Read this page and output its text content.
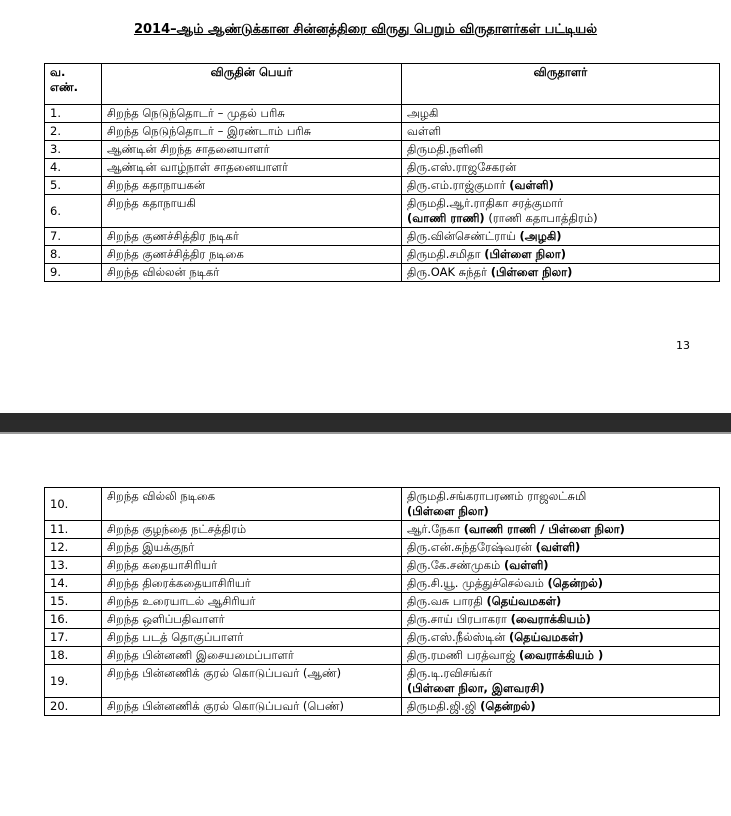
2014–ஆம் ஆண்டுக்கான சின்னத்திரை விருது பெறும் விருதாளர்கள் பட்டியல்
வ. எண்.	விருதின் பெயர்	விருதாளர்
1.	சிறந்த நெடுந்தொடர் – முதல் பரிசு	அழகி
2.	சிறந்த நெடுந்தொடர் – இரண்டாம் பரிசு	வள்ளி
3.	ஆண்டின் சிறந்த சாதனையாளர்	திருமதி.நளினி
4.	ஆண்டின் வாழ்நாள் சாதனையாளர்	திரு.எஸ்.ராஜசேகரன்
5.	சிறந்த கதாநாயகன்	திரு.எம்.ராஜ்குமார் (வள்ளி)
6.	சிறந்த கதாநாயகி	திருமதி.ஆர்.ராதிகா சரத்குமார்
(வாணி ராணி) (ராணி கதாபாத்திரம்)
7.	சிறந்த குணச்சித்திர நடிகர்	திரு.வின்செண்ட்ராய் (அழகி)
8.	சிறந்த குணச்சித்திர நடிகை	திருமதி.சமிதா (பிள்ளை நிலா)
9.	சிறந்த வில்லன் நடிகர்	திரு.OAK சுந்தர் (பிள்ளை நிலா)
13
10.	சிறந்த வில்லி நடிகை	திருமதி.சங்கராபரணம் ராஜலட்சுமி
(பிள்ளை நிலா)
11.	சிறந்த குழந்தை நட்சத்திரம்	ஆர்.நேகா (வாணி ராணி / பிள்ளை நிலா)
12.	சிறந்த இயக்குநர்	திரு.என்.சுந்தரேஷ்வரன் (வள்ளி)
13.	சிறந்த கதையாசிரியர்	திரு.கே.சண்முகம் (வள்ளி)
14.	சிறந்த திரைக்கதையாசிரியர்	திரு.சி.யூ. முத்துச்செல்வம் (தென்றல்)
15.	சிறந்த உரையாடல் ஆசிரியர்	திரு.வசு பாரதி (தெய்வமகள்)
16.	சிறந்த ஒளிப்பதிவாளர்	திரு.சாய் பிரபாகரா (வைராக்கியம்)
17.	சிறந்த படத் தொகுப்பாளர்	திரு.எஸ்.நீல்ஸ்டின் (தெய்வமகள்)
18.	சிறந்த பின்னணி இசையமைப்பாளர்	திரு.ரமணி பரத்வாஜ் (வைராக்கியம் )
19.	சிறந்த பின்னணிக் குரல் கொடுப்பவர் (ஆண்)	திரு.டி.ரவிசங்கர்
(பிள்ளை நிலா, இளவரசி)
20.	சிறந்த பின்னணிக் குரல் கொடுப்பவர் (பெண்)	திருமதி.ஜி.ஜி (தென்றல்)
